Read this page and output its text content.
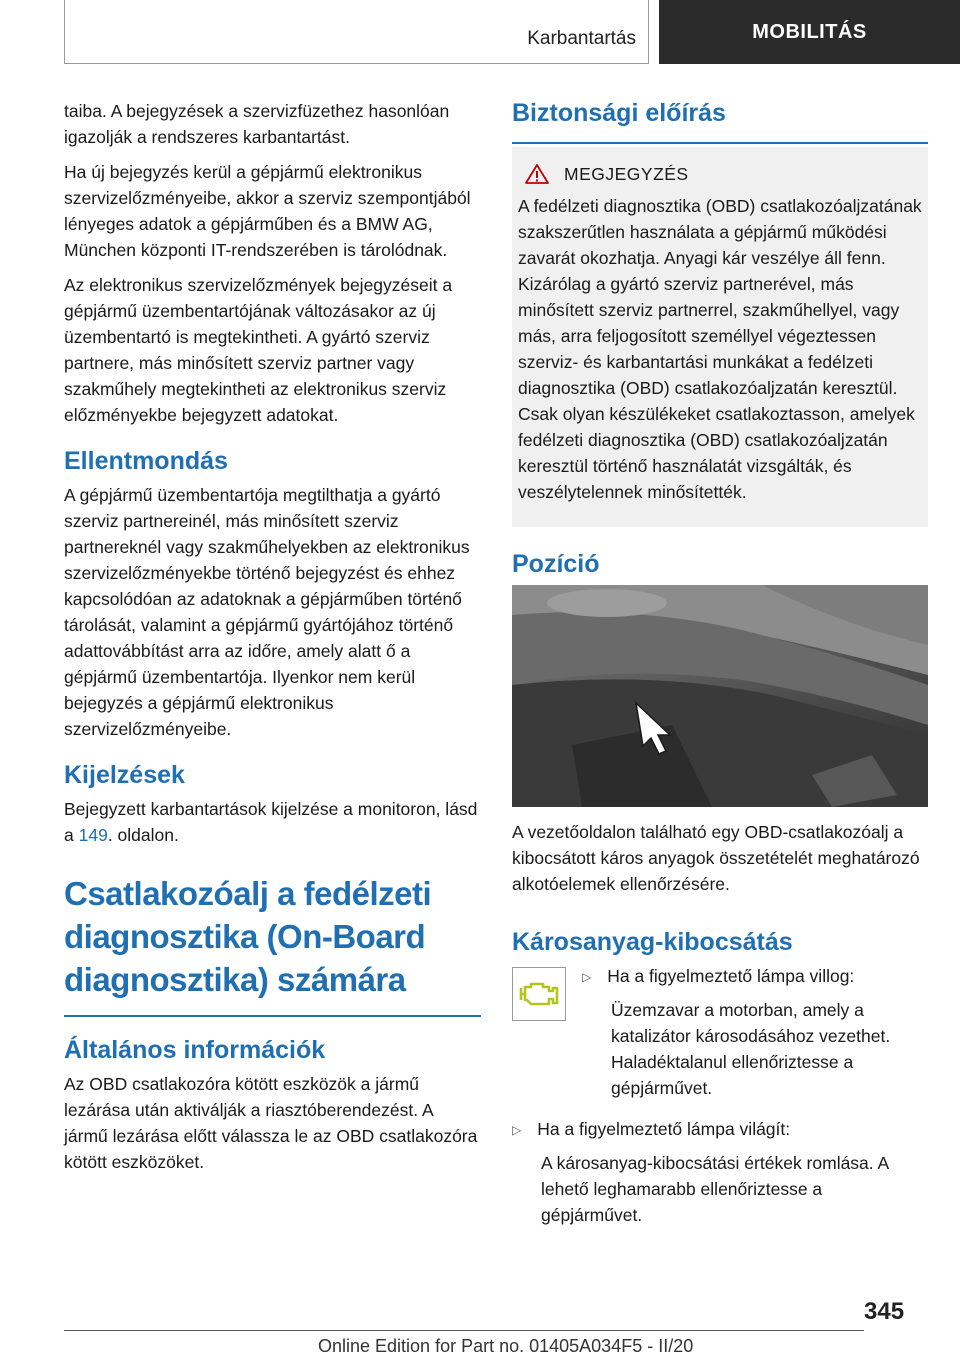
Karbantartás	MOBILITÁS

taiba. A bejegyzések a szervizfüzethez hasonlóan igazolják a rendszeres karbantartást.

Ha új bejegyzés kerül a gépjármű elektronikus szervizelőzményeibe, akkor a szerviz szempontjából lényeges adatok a gépjárműben és a BMW AG, München központi IT-rendszerében is tárolódnak.

Az elektronikus szervizelőzmények bejegyzéseit a gépjármű üzembentartójának változásakor az új üzembentartó is megtekintheti. A gyártó szerviz partnere, más minősített szerviz partner vagy szakműhely megtekintheti az elektronikus szerviz előzményekbe bejegyzett adatokat.

Ellentmondás

A gépjármű üzembentartója megtilthatja a gyártó szerviz partnereinél, más minősített szerviz partnereknél vagy szakműhelyekben az elektronikus szervizelőzményekbe történő bejegyzést és ehhez kapcsolódóan az adatoknak a gépjárműben történő tárolását, valamint a gépjármű gyártójához történő adattovábbítást arra az időre, amely alatt ő a gépjármű üzembentartója. Ilyenkor nem kerül bejegyzés a gépjármű elektronikus szervizelőzményeibe.

Kijelzések

Bejegyzett karbantartások kijelzése a monitoron, lásd a 149. oldalon.

Csatlakozóalj a fedélzeti diagnosztika (On-Board diagnosztika) számára
Általános információk

Az OBD csatlakozóra kötött eszközök a jármű lezárása után aktiválják a riasztóberendezést. A jármű lezárása előtt válassza le az OBD csatlakozóra kötött eszközöket.

Biztonsági előírás
MEGJEGYZÉS

A fedélzeti diagnosztika (OBD) csatlakozóaljzatának szakszerűtlen használata a gépjármű működési zavarát okozhatja. Anyagi kár veszélye áll fenn. Kizárólag a gyártó szerviz partnerével, más minősített szerviz partnerrel, szakműhellyel, vagy más, arra feljogosított személlyel végeztessen szerviz- és karbantartási munkákat a fedélzeti diagnosztika (OBD) csatlakozóaljzatán keresztül. Csak olyan készülékeket csatlakoztasson, amelyek fedélzeti diagnosztika (OBD) csatlakozóaljzatán keresztül történő használatát vizsgálták, és veszélytelennek minősítették.

Pozíció

A vezetőoldalon található egy OBD-csatlakozóalj a kibocsátott káros anyagok összetételét meghatározó alkotóelemek ellenőrzésére.

Károsanyag-kibocsátás
▷ Ha a figyelmeztető lámpa villog:

Üzemzavar a motorban, amely a katalizátor károsodásához vezethet. Haladéktalanul ellenőriztesse a gépjárművet.

▷ Ha a figyelmeztető lámpa világít:

A károsanyag-kibocsátási értékek romlása. A lehető leghamarabb ellenőriztesse a gépjárművet.

345
Online Edition for Part no. 01405A034F5 - II/20
